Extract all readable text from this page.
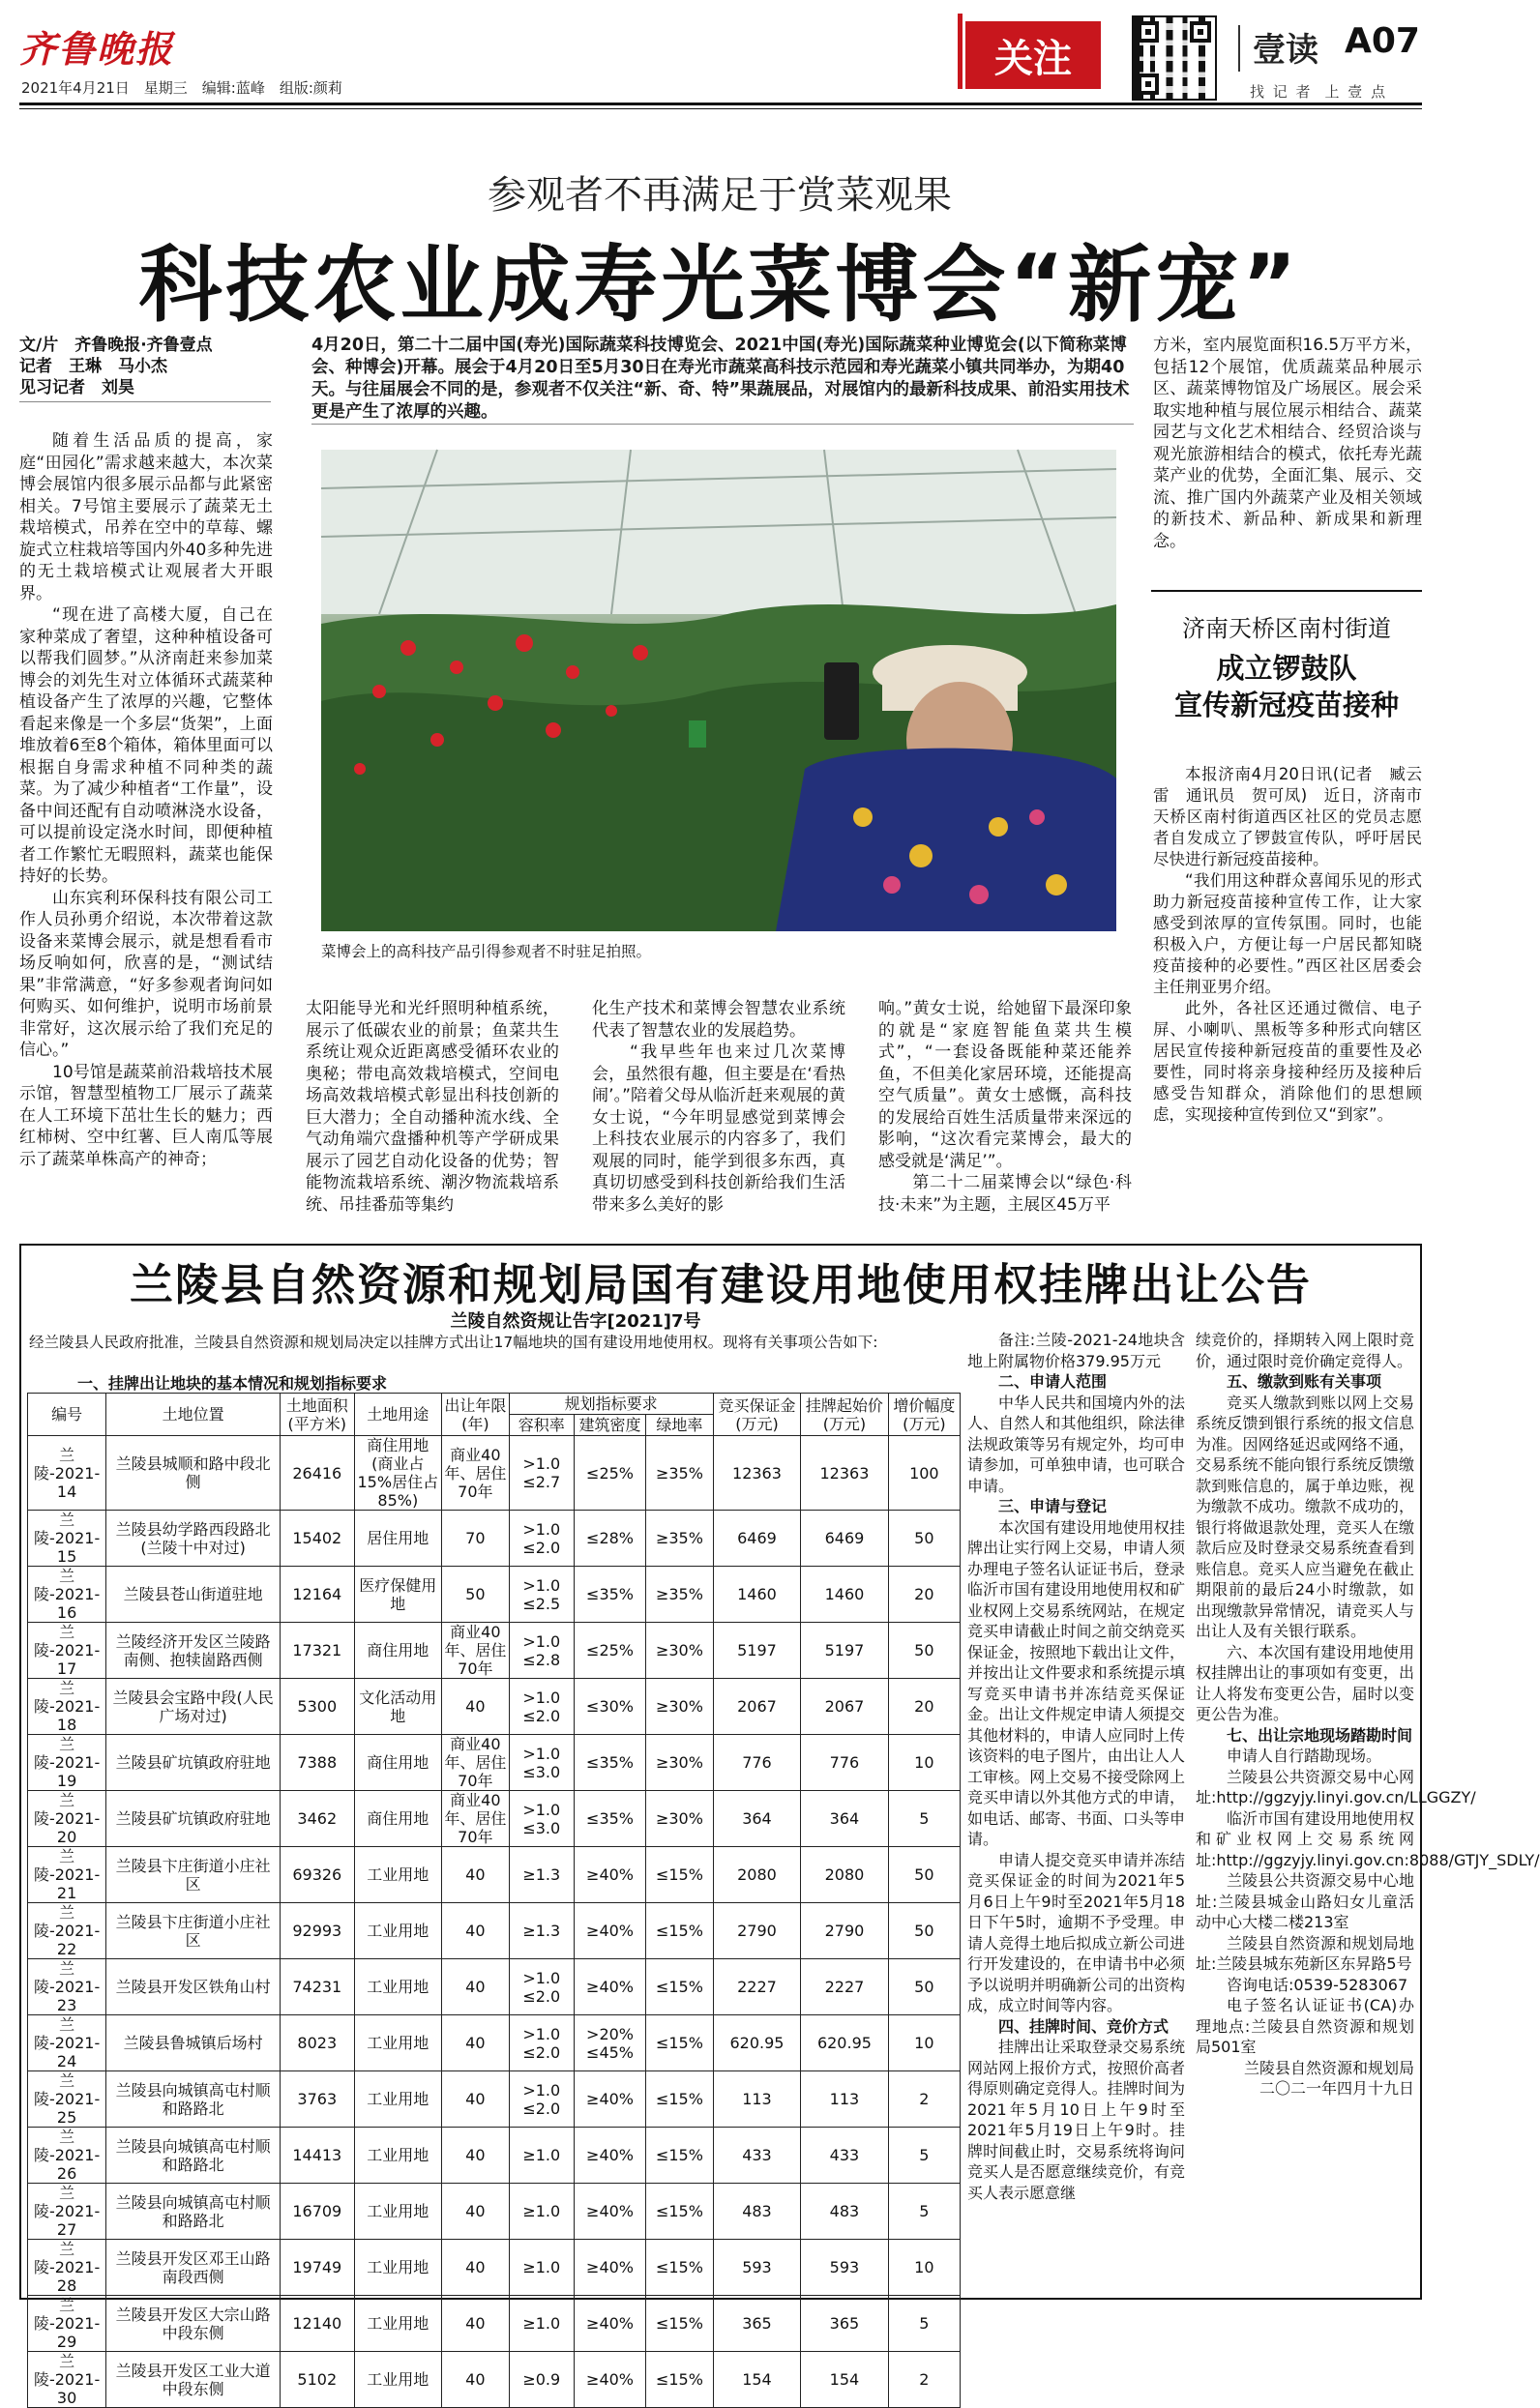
齐鲁晚报
2021年4月21日　星期三　编辑:蓝峰　组版:颜莉
关注	壹读 A07
找 记 者　上 壹 点
参观者不再满足于赏菜观果
科技农业成寿光菜博会“新宠”
文/片　齐鲁晚报·齐鲁壹点
记者　王琳　马小杰
见习记者　刘昊
4月20日，第二十二届中国(寿光)国际蔬菜科技博览会、2021中国(寿光)国际蔬菜种业博览会(以下简称菜博会、种博会)开幕。展会于4月20日至5月30日在寿光市蔬菜高科技示范园和寿光蔬菜小镇共同举办，为期40天。与往届展会不同的是，参观者不仅关注“新、奇、特”果蔬展品，对展馆内的最新科技成果、前沿实用技术更是产生了浓厚的兴趣。

随着生活品质的提高，家庭“田园化”需求越来越大，本次菜博会展馆内很多展示品都与此紧密相关。7号馆主要展示了蔬菜无土栽培模式，吊养在空中的草莓、螺旋式立柱栽培等国内外40多种先进的无土栽培模式让观展者大开眼界。

“现在进了高楼大厦，自己在家种菜成了奢望，这种种植设备可以帮我们圆梦。”从济南赶来参加菜博会的刘先生对立体循环式蔬菜种植设备产生了浓厚的兴趣，它整体看起来像是一个多层“货架”，上面堆放着6至8个箱体，箱体里面可以根据自身需求种植不同种类的蔬菜。为了减少种植者“工作量”，设备中间还配有自动喷淋浇水设备，可以提前设定浇水时间，即便种植者工作繁忙无暇照料，蔬菜也能保持好的长势。

山东宾利环保科技有限公司工作人员孙勇介绍说，本次带着这款设备来菜博会展示，就是想看看市场反响如何，欣喜的是，“测试结果”非常满意，“好多参观者询问如何购买、如何维护，说明市场前景非常好，这次展示给了我们充足的信心。”

10号馆是蔬菜前沿栽培技术展示馆，智慧型植物工厂展示了蔬菜在人工环境下茁壮生长的魅力；西红柿树、空中红薯、巨人南瓜等展示了蔬菜单株高产的神奇；

菜博会上的高科技产品引得参观者不时驻足拍照。
太阳能导光和光纤照明种植系统，展示了低碳农业的前景；鱼菜共生系统让观众近距离感受循环农业的奥秘；带电高效栽培模式，空间电场高效栽培模式彰显出科技创新的巨大潜力；全自动播种流水线、全气动角端穴盘播种机等产学研成果展示了园艺自动化设备的优势；智能物流栽培系统、潮汐物流栽培系统、吊挂番茄等集约
化生产技术和菜博会智慧农业系统代表了智慧农业的发展趋势。
　　“我早些年也来过几次菜博会，虽然很有趣，但主要是在‘看热闹’。”陪着父母从临沂赶来观展的黄女士说，“今年明显感觉到菜博会上科技农业展示的内容多了，我们观展的同时，能学到很多东西，真真切切感受到科技创新给我们生活带来多么美好的影
响。”黄女士说，给她留下最深印象的就是“家庭智能鱼菜共生模式”，“一套设备既能种菜还能养鱼，不但美化家居环境，还能提高空气质量”。黄女士感慨，高科技的发展给百姓生活质量带来深远的影响，“这次看完菜博会，最大的感受就是‘满足’”。
　　第二十二届菜博会以“绿色·科技·未来”为主题，主展区45万平
方米，室内展览面积16.5万平方米，包括12个展馆，优质蔬菜品种展示区、蔬菜博物馆及广场展区。展会采取实地种植与展位展示相结合、蔬菜园艺与文化艺术相结合、经贸洽谈与观光旅游相结合的模式，依托寿光蔬菜产业的优势，全面汇集、展示、交流、推广国内外蔬菜产业及相关领域的新技术、新品种、新成果和新理念。
济南天桥区南村街道
成立锣鼓队
宣传新冠疫苗接种

本报济南4月20日讯(记者　臧云雷　通讯员　贺可凤)　近日，济南市天桥区南村街道西区社区的党员志愿者自发成立了锣鼓宣传队，呼吁居民尽快进行新冠疫苗接种。

“我们用这种群众喜闻乐见的形式助力新冠疫苗接种宣传工作，让大家感受到浓厚的宣传氛围。同时，也能积极入户，方便让每一户居民都知晓疫苗接种的必要性。”西区社区居委会主任荆亚男介绍。

此外，各社区还通过微信、电子屏、小喇叭、黑板等多种形式向辖区居民宣传接种新冠疫苗的重要性及必要性，同时将亲身接种经历及接种后感受告知群众，消除他们的思想顾虑，实现接种宣传到位又“到家”。

兰陵县自然资源和规划局国有建设用地使用权挂牌出让公告
兰陵自然资规让告字[2021]7号
经兰陵县人民政府批准，兰陵县自然资源和规划局决定以挂牌方式出让17幅地块的国有建设用地使用权。现将有关事项公告如下:
一、挂牌出让地块的基本情况和规划指标要求
编号	土地位置	土地面积(平方米)	土地用途	出让年限(年)	规划指标要求			竞买保证金(万元)	挂牌起始价(万元)	增价幅度(万元)
					容积率	建筑密度	绿地率			
兰陵-2021-14	兰陵县城顺和路中段北侧	26416	商住用地(商业占15%居住占85%)	商业40年、居住70年	>1.0 ≤2.7	≤25%	≥35%	12363	12363	100
兰陵-2021-15	兰陵县幼学路西段路北(兰陵十中对过)	15402	居住用地	70	>1.0 ≤2.0	≤28%	≥35%	6469	6469	50
兰陵-2021-16	兰陵县苍山街道驻地	12164	医疗保健用地	50	>1.0 ≤2.5	≤35%	≥35%	1460	1460	20
兰陵-2021-17	兰陵经济开发区兰陵路南侧、抱犊崮路西侧	17321	商住用地	商业40年、居住70年	>1.0 ≤2.8	≤25%	≥30%	5197	5197	50
兰陵-2021-18	兰陵县会宝路中段(人民广场对过)	5300	文化活动用地	40	>1.0 ≤2.0	≤30%	≥30%	2067	2067	20
兰陵-2021-19	兰陵县矿坑镇政府驻地	7388	商住用地	商业40年、居住70年	>1.0 ≤3.0	≤35%	≥30%	776	776	10
兰陵-2021-20	兰陵县矿坑镇政府驻地	3462	商住用地	商业40年、居住70年	>1.0 ≤3.0	≤35%	≥30%	364	364	5
兰陵-2021-21	兰陵县卞庄街道小庄社区	69326	工业用地	40	≥1.3	≥40%	≤15%	2080	2080	50
兰陵-2021-22	兰陵县卞庄街道小庄社区	92993	工业用地	40	≥1.3	≥40%	≤15%	2790	2790	50
兰陵-2021-23	兰陵县开发区铁角山村	74231	工业用地	40	>1.0 ≤2.0	≥40%	≤15%	2227	2227	50
兰陵-2021-24	兰陵县鲁城镇后场村	8023	工业用地	40	>1.0 ≤2.0	>20% ≤45%	≤15%	620.95	620.95	10
兰陵-2021-25	兰陵县向城镇高屯村顺和路路北	3763	工业用地	40	>1.0 ≤2.0	≥40%	≤15%	113	113	2
兰陵-2021-26	兰陵县向城镇高屯村顺和路路北	14413	工业用地	40	≥1.0	≥40%	≤15%	433	433	5
兰陵-2021-27	兰陵县向城镇高屯村顺和路路北	16709	工业用地	40	≥1.0	≥40%	≤15%	483	483	5
兰陵-2021-28	兰陵县开发区邓王山路南段西侧	19749	工业用地	40	≥1.0	≥40%	≤15%	593	593	10
兰陵-2021-29	兰陵县开发区大宗山路中段东侧	12140	工业用地	40	≥1.0	≥40%	≤15%	365	365	5
兰陵-2021-30	兰陵县开发区工业大道中段东侧	5102	工业用地	40	≥0.9	≥40%	≤15%	154	154	2

备注:兰陵-2021-24地块含地上附属物价格379.95万元

二、申请人范围

中华人民共和国境内外的法人、自然人和其他组织，除法律法规政策等另有规定外，均可申请参加，可单独申请，也可联合申请。

三、申请与登记

本次国有建设用地使用权挂牌出让实行网上交易，申请人须办理电子签名认证证书后，登录临沂市国有建设用地使用权和矿业权网上交易系统网站，在规定竞买申请截止时间之前交纳竞买保证金，按照地下载出让文件，并按出让文件要求和系统提示填写竞买申请书并冻结竞买保证金。出让文件规定申请人须提交其他材料的，申请人应同时上传该资料的电子图片，由出让人人工审核。网上交易不接受除网上竞买申请以外其他方式的申请，如电话、邮寄、书面、口头等申请。

申请人提交竞买申请并冻结竞买保证金的时间为2021年5月6日上午9时至2021年5月18日下午5时，逾期不予受理。申请人竞得土地后拟成立新公司进行开发建设的，在申请书中必须予以说明并明确新公司的出资构成，成立时间等内容。

四、挂牌时间、竞价方式

挂牌出让采取登录交易系统网站网上报价方式，按照价高者得原则确定竞得人。挂牌时间为2021年5月10日上午9时至2021年5月19日上午9时。挂牌时间截止时，交易系统将询问竞买人是否愿意继续竞价，有竞买人表示愿意继

续竞价的，择期转入网上限时竞价，通过限时竞价确定竞得人。

五、缴款到账有关事项

竞买人缴款到账以网上交易系统反馈到银行系统的报文信息为准。因网络延迟或网络不通，交易系统不能向银行系统反馈缴款到账信息的，属于单边账，视为缴款不成功。缴款不成功的，银行将做退款处理，竞买人在缴款后应及时登录交易系统查看到账信息。竞买人应当避免在截止期限前的最后24小时缴款，如出现缴款异常情况，请竞买人与出让人及有关银行联系。

六、本次国有建设用地使用权挂牌出让的事项如有变更，出让人将发布变更公告，届时以变更公告为准。

七、出让宗地现场踏勘时间

申请人自行踏勘现场。

兰陵县公共资源交易中心网址:http://ggzyjy.linyi.gov.cn/LLGGZY/

临沂市国有建设用地使用权和矿业权网上交易系统网址:http://ggzyjy.linyi.gov.cn:8088/GTJY_SDLY/

兰陵县公共资源交易中心地址:兰陵县城金山路妇女儿童活动中心大楼二楼213室

兰陵县自然资源和规划局地址:兰陵县城东苑新区东昇路5号

咨询电话:0539-5283067

电子签名认证证书(CA)办理地点:兰陵县自然资源和规划局501室

兰陵县自然资源和规划局

二〇二一年四月十九日
